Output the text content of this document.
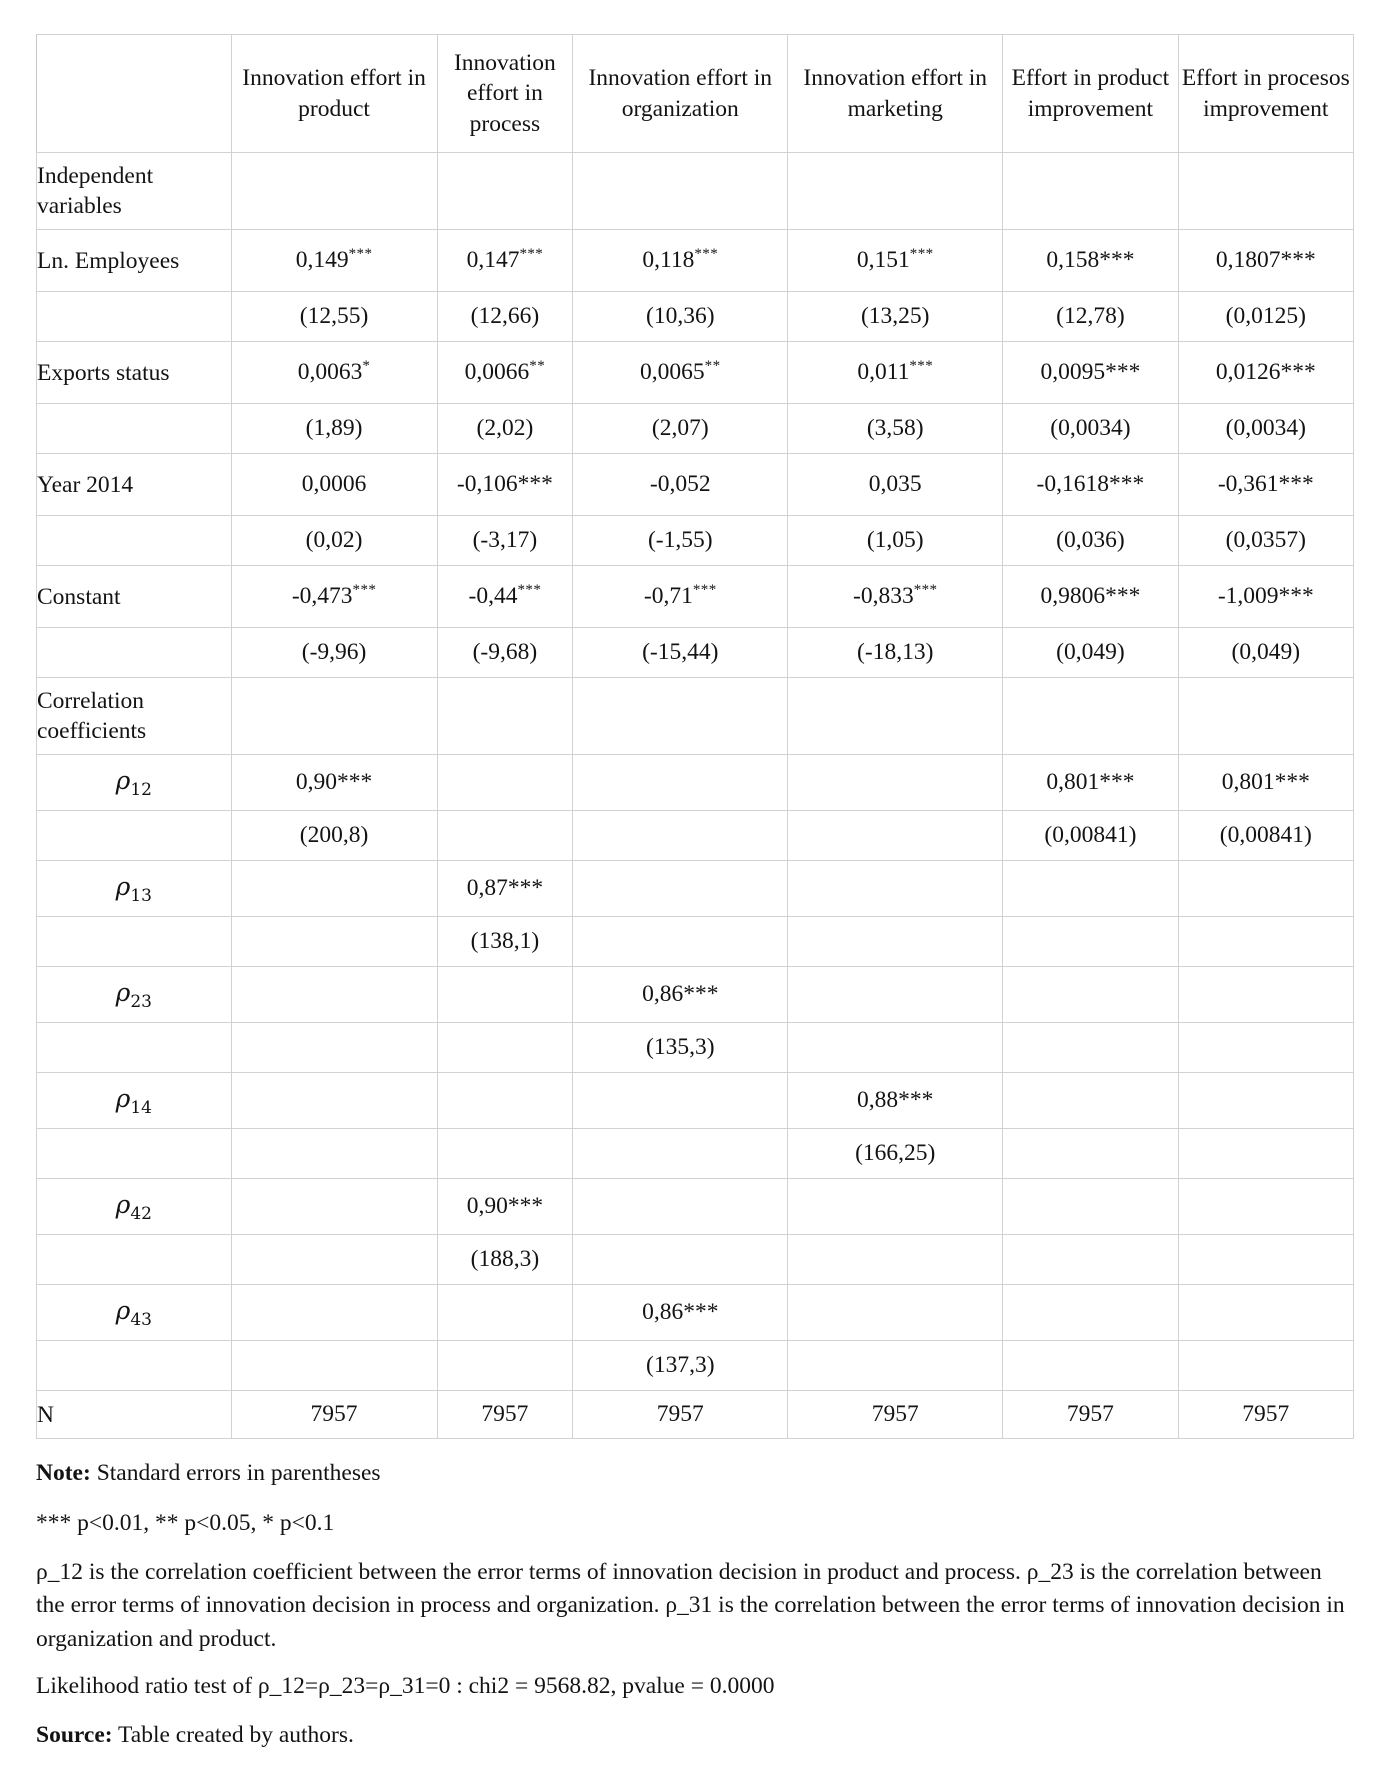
	Innovation effort in product	Innovation effort in process	Innovation effort in organization	Innovation effort in marketing	Effort in product improvement	Effort in procesos improvement
Independent variables						
Ln. Employees	0,149***	0,147***	0,118***	0,151***	0,158***	0,1807***
	(12,55)	(12,66)	(10,36)	(13,25)	(12,78)	(0,0125)
Exports status	0,0063*	0,0066**	0,0065**	0,011***	0,0095***	0,0126***
	(1,89)	(2,02)	(2,07)	(3,58)	(0,0034)	(0,0034)
Year 2014	0,0006	-0,106***	-0,052	0,035	-0,1618***	-0,361***
	(0,02)	(-3,17)	(-1,55)	(1,05)	(0,036)	(0,0357)
Constant	-0,473***	-0,44***	-0,71***	-0,833***	0,9806***	-1,009***
	(-9,96)	(-9,68)	(-15,44)	(-18,13)	(0,049)	(0,049)
Correlation coefficients						
$\rho_{12}$	0,90***				0,801***	0,801***
	(200,8)				(0,00841)	(0,00841)
$\rho_{13}$		0,87***				
		(138,1)				
$\rho_{23}$			0,86***			
			(135,3)			
$\rho_{14}$				0,88***		
				(166,25)		
$\rho_{42}$		0,90***				
		(188,3)				
$\rho_{43}$			0,86***			
			(137,3)			
N	7957	7957	7957	7957	7957	7957

Note: Standard errors in parentheses

*** p<0.01, ** p<0.05, * p<0.1

ρ_12 is the correlation coefficient between the error terms of innovation decision in product and process. ρ_23 is the correlation between the error terms of innovation decision in process and organization. ρ_31 is the correlation between the error terms of innovation decision in organization and product.

Likelihood ratio test of ρ_12=ρ_23=ρ_31=0 : chi2 = 9568.82, pvalue = 0.0000

Source: Table created by authors.
